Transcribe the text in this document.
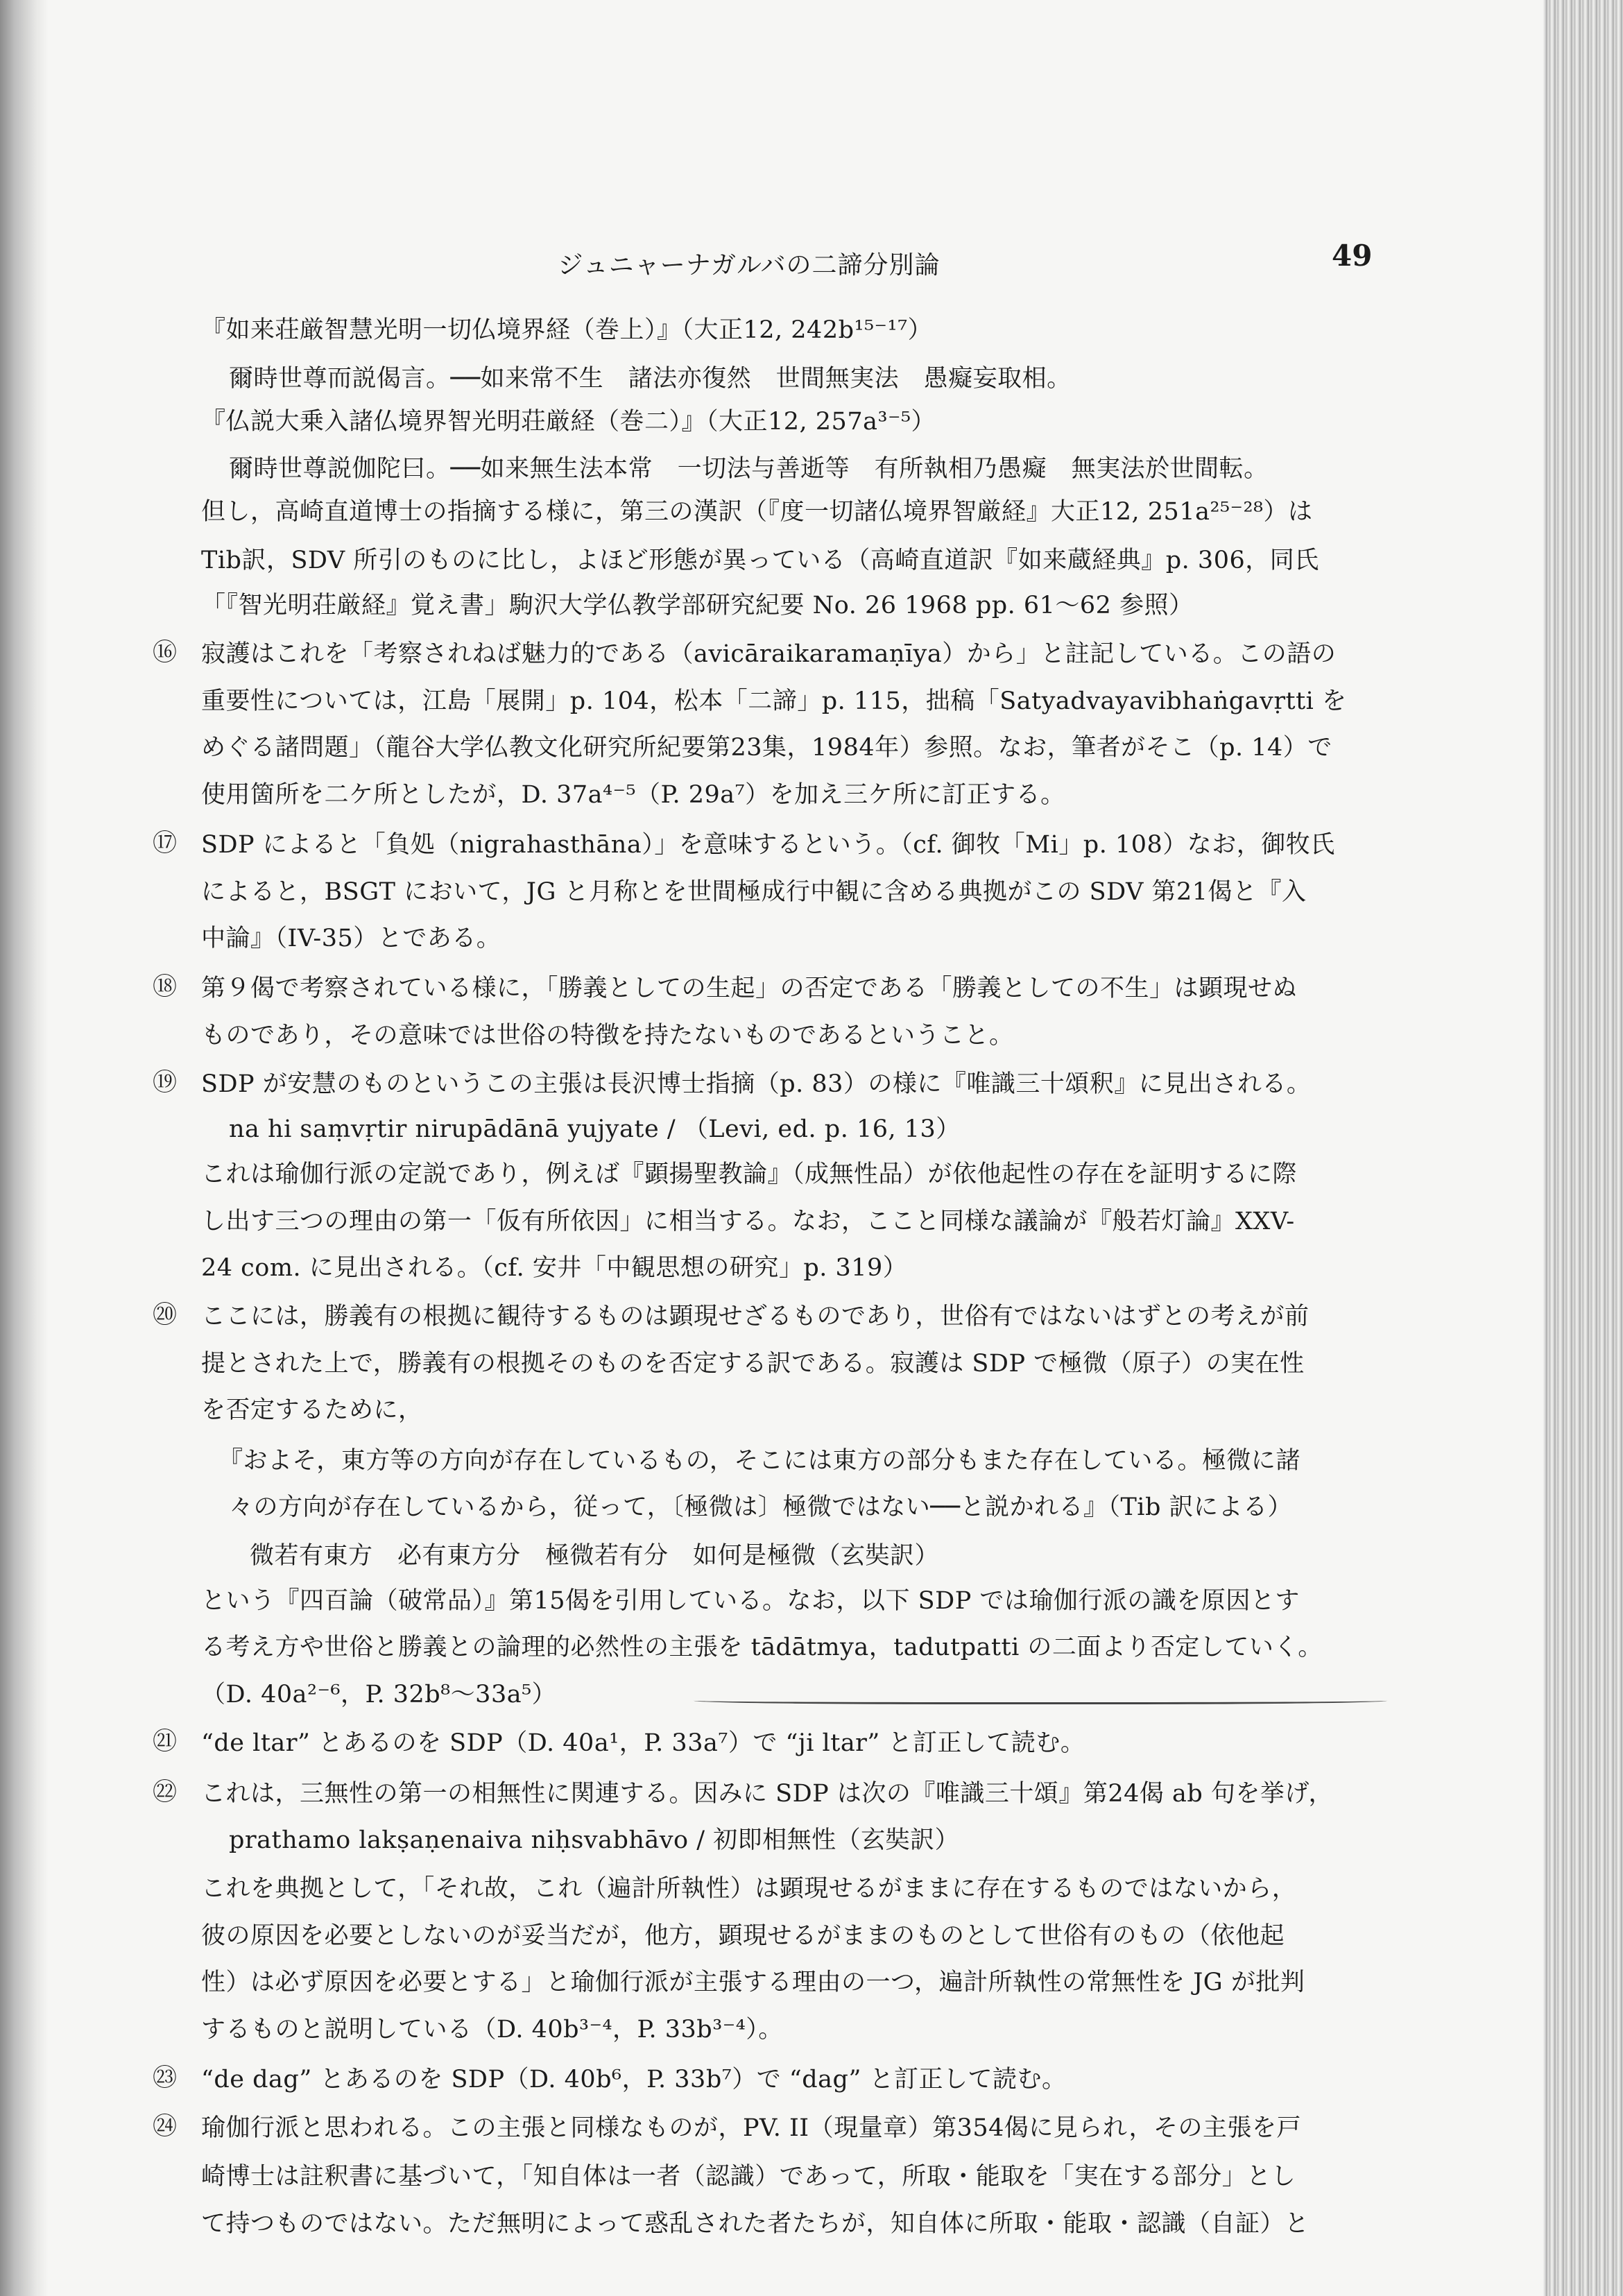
ジュニャーナガルバの二諦分別論	49
『如来荘厳智慧光明一切仏境界経（巻上）』（大正12, 242b¹⁵⁻¹⁷）
爾時世尊而説偈言。──如来常不生　諸法亦復然　世間無実法　愚癡妄取相。
『仏説大乗入諸仏境界智光明荘厳経（巻二）』（大正12, 257a³⁻⁵）
爾時世尊説伽陀曰。──如来無生法本常　一切法与善逝等　有所執相乃愚癡　無実法於世間転。
但し，高崎直道博士の指摘する様に，第三の漢訳（『度一切諸仏境界智厳経』大正12, 251a²⁵⁻²⁸）は
Tib訳，SDV 所引のものに比し，よほど形態が異っている（高崎直道訳『如来蔵経典』p. 306，同氏
「『智光明荘厳経』覚え書」駒沢大学仏教学部研究紀要 No. 26 1968 pp. 61～62 参照）
寂護はこれを「考察されねば魅力的である（avicāraikaramaṇīya）から」と註記している。この語の
⑯
重要性については，江島「展開」p. 104，松本「二諦」p. 115，拙稿「Satyadvayavibhaṅgavṛtti を
めぐる諸問題」（龍谷大学仏教文化研究所紀要第23集，1984年）参照。なお，筆者がそこ（p. 14）で
使用箇所を二ケ所としたが，D. 37a⁴⁻⁵（P. 29a⁷）を加え三ケ所に訂正する。
SDP によると「負処（nigrahasthāna）」を意味するという。（cf. 御牧「Mi」p. 108）なお，御牧氏
⑰
によると，BSGT において，JG と月称とを世間極成行中観に含める典拠がこの SDV 第21偈と『入
中論』（IV-35）とである。
第９偈で考察されている様に，「勝義としての生起」の否定である「勝義としての不生」は顕現せぬ
⑱
ものであり，その意味では世俗の特徴を持たないものであるということ。
SDP が安慧のものというこの主張は長沢博士指摘（p. 83）の様に『唯識三十頌釈』に見出される。
⑲
na hi saṃvṛtir nirupādānā yujyate / （Levi, ed. p. 16, 13）
これは瑜伽行派の定説であり，例えば『顕揚聖教論』（成無性品）が依他起性の存在を証明するに際
し出す三つの理由の第一「仮有所依因」に相当する。なお，ここと同様な議論が『般若灯論』XXV-
24 com. に見出される。（cf. 安井「中観思想の研究」p. 319）
ここには，勝義有の根拠に観待するものは顕現せざるものであり，世俗有ではないはずとの考えが前
⑳
提とされた上で，勝義有の根拠そのものを否定する訳である。寂護は SDP で極微（原子）の実在性
を否定するために，
『およそ，東方等の方向が存在しているもの，そこには東方の部分もまた存在している。極微に諸
々の方向が存在しているから，従って，〔極微は〕極微ではない──と説かれる』（Tib 訳による）
微若有東方　必有東方分　極微若有分　如何是極微（玄奘訳）
という『四百論（破常品）』第15偈を引用している。なお，以下 SDP では瑜伽行派の識を原因とす
る考え方や世俗と勝義との論理的必然性の主張を tādātmya，tadutpatti の二面より否定していく。
（D. 40a²⁻⁶，P. 32b⁸～33a⁵）
“de ltar” とあるのを SDP（D. 40a¹，P. 33a⁷）で “ji ltar” と訂正して読む。
㉑
これは，三無性の第一の相無性に関連する。因みに SDP は次の『唯識三十頌』第24偈 ab 句を挙げ，
㉒
prathamo lakṣaṇenaiva niḥsvabhāvo / 初即相無性（玄奘訳）
これを典拠として，「それ故，これ（遍計所執性）は顕現せるがままに存在するものではないから，
彼の原因を必要としないのが妥当だが，他方，顕現せるがままのものとして世俗有のもの（依他起
性）は必ず原因を必要とする」と瑜伽行派が主張する理由の一つ，遍計所執性の常無性を JG が批判
するものと説明している（D. 40b³⁻⁴，P. 33b³⁻⁴）。
“de dag” とあるのを SDP（D. 40b⁶，P. 33b⁷）で “dag” と訂正して読む。
㉓
瑜伽行派と思われる。この主張と同様なものが，PV. II（現量章）第354偈に見られ，その主張を戸
㉔
崎博士は註釈書に基づいて，「知自体は一者（認識）であって，所取・能取を「実在する部分」とし
て持つものではない。ただ無明によって惑乱された者たちが，知自体に所取・能取・認識（自証）と
